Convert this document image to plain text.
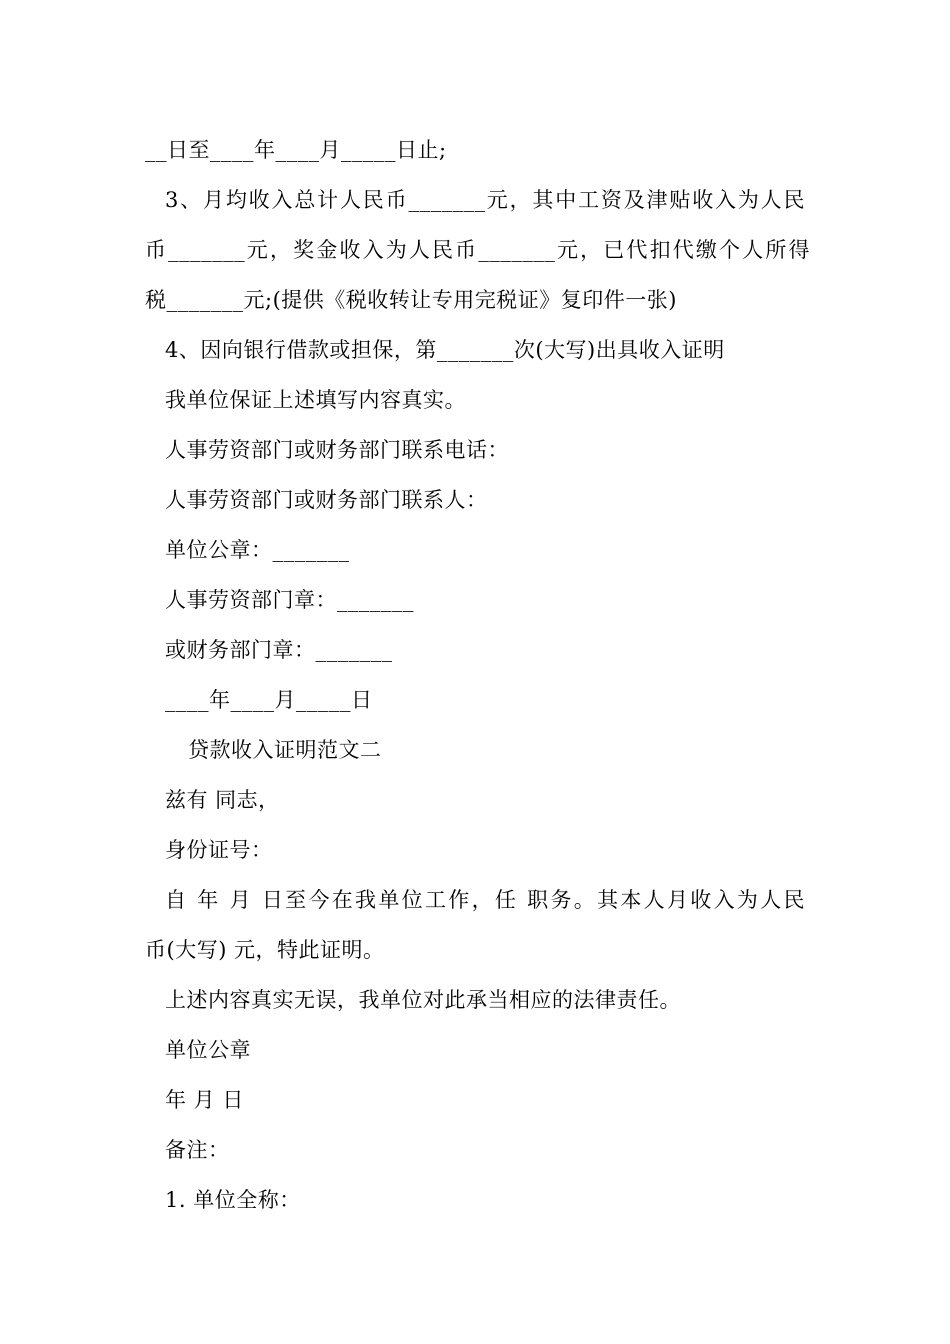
__日至____年____月_____日止;
3、月均收入总计人民币_______元，其中工资及津贴收入为人民
币_______元，奖金收入为人民币_______元，已代扣代缴个人所得
税_______元;(提供《税收转让专用完税证》复印件一张)
4、因向银行借款或担保，第_______次(大写)出具收入证明
我单位保证上述填写内容真实。
人事劳资部门或财务部门联系电话：
人事劳资部门或财务部门联系人：
单位公章：_______
人事劳资部门章：_______
或财务部门章：_______
____年____月_____日
贷款收入证明范文二
兹有 同志，
身份证号：
自 年 月 日至今在我单位工作，任 职务。其本人月收入为人民
币(大写) 元，特此证明。
上述内容真实无误，我单位对此承当相应的法律责任。
单位公章
年 月 日
备注：
1. 单位全称：
